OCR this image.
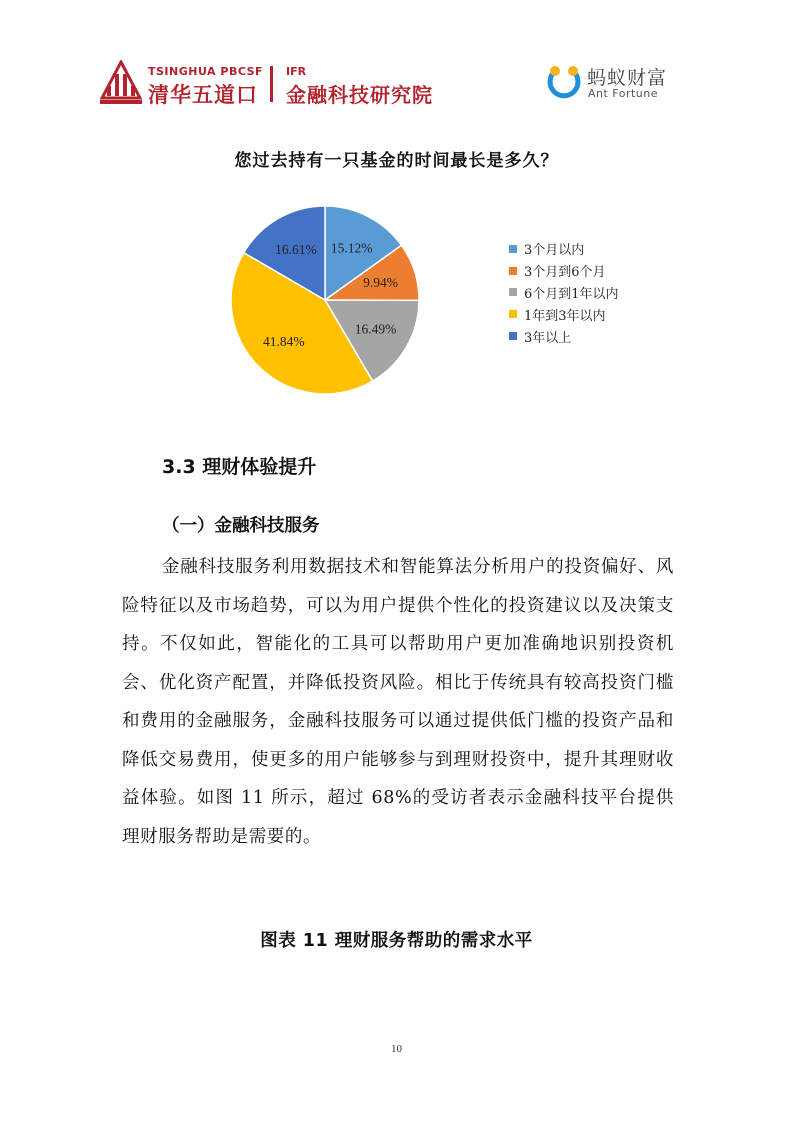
TSINGHUA PBCSF
清华五道口
IFR
金融科技研究院
蚂蚁财富
Ant Fortune
您过去持有一只基金的时间最长是多久？
15.12%
9.94%
16.49%
41.84%
16.61%	3个月以内
3个月到6个月
6个月到1年以内
1年到3年以内
3年以上
3.3 理财体验提升
（一）金融科技服务

金融科技服务利用数据技术和智能算法分析用户的投资偏好、风险特征以及市场趋势，可以为用户提供个性化的投资建议以及决策支持。不仅如此，智能化的工具可以帮助用户更加准确地识别投资机会、优化资产配置，并降低投资风险。相比于传统具有较高投资门槛和费用的金融服务，金融科技服务可以通过提供低门槛的投资产品和降低交易费用，使更多的用户能够参与到理财投资中，提升其理财收益体验。如图 11 所示，超过 68%的受访者表示金融科技平台提供理财服务帮助是需要的。

图表 11 理财服务帮助的需求水平
10
